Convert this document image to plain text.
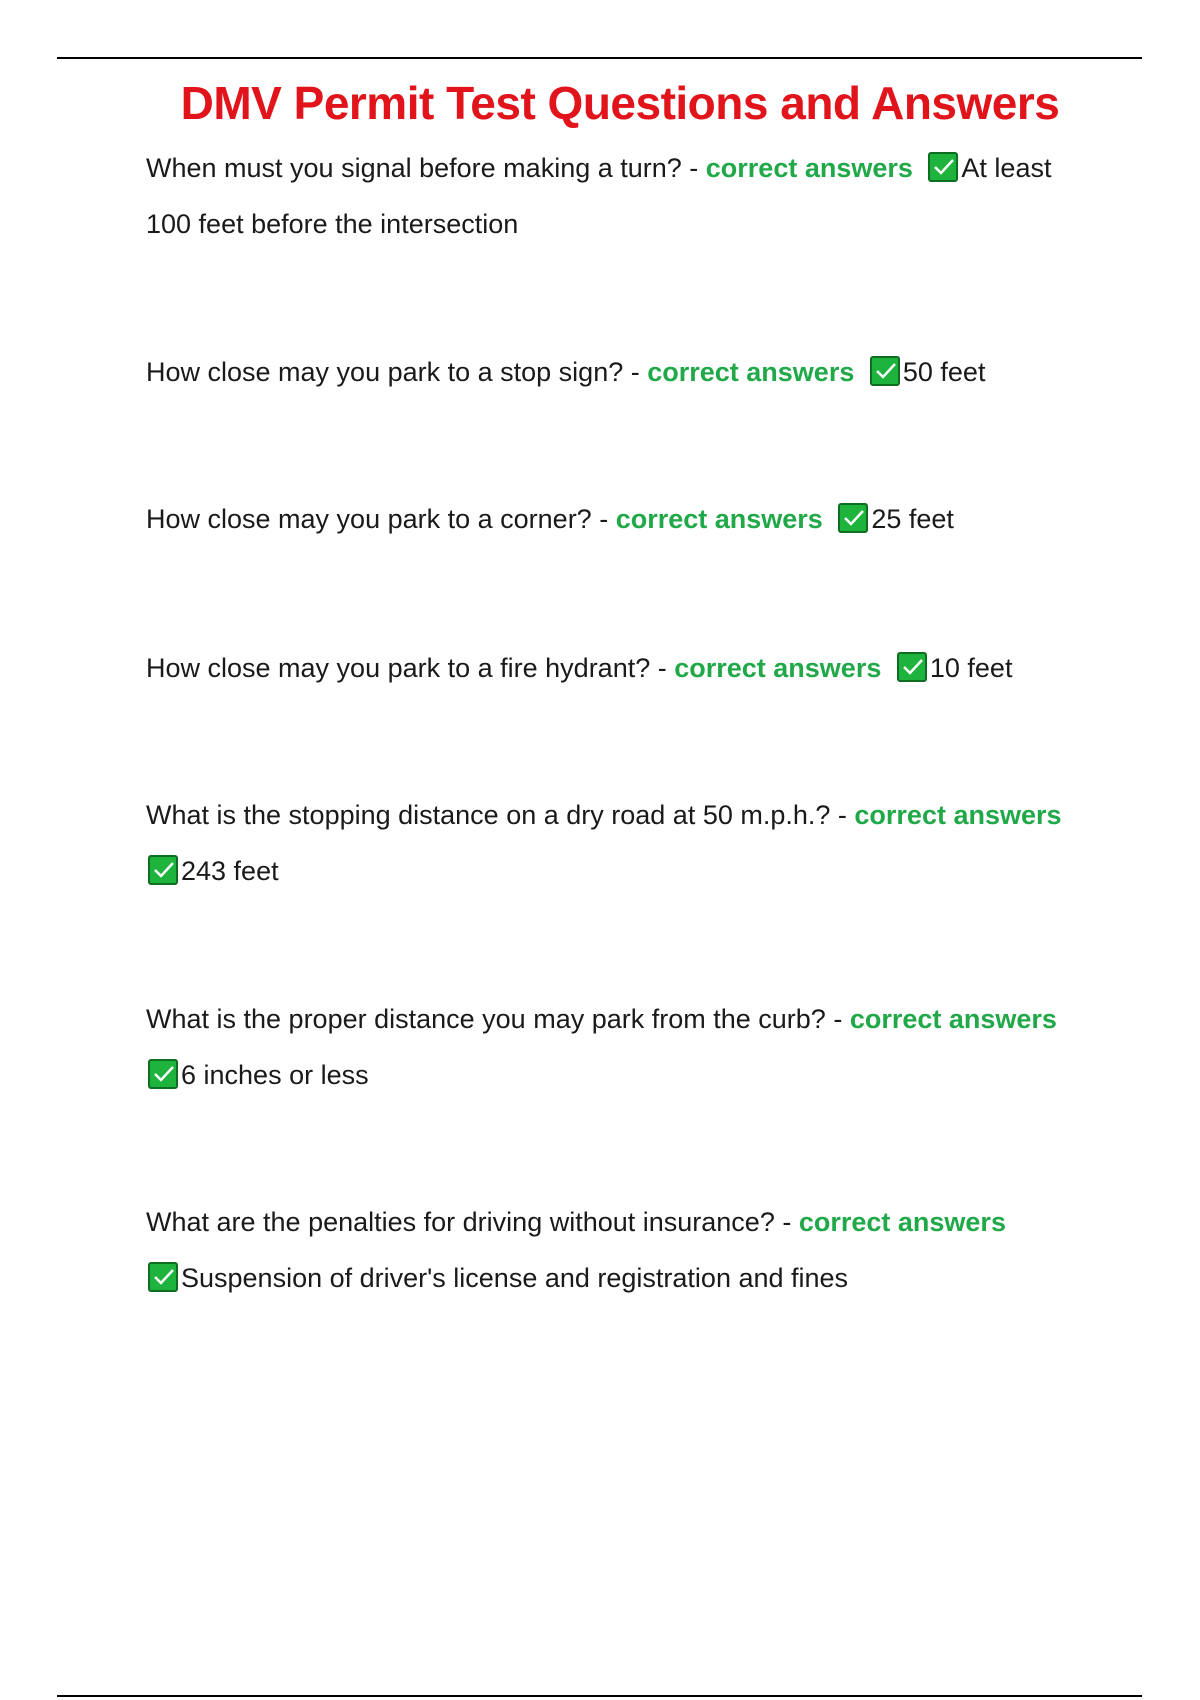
DMV Permit Test Questions and Answers
When must you signal before making a turn? - correct answers At least 100 feet before the intersection
How close may you park to a stop sign? - correct answers 50 feet
How close may you park to a corner? - correct answers 25 feet
How close may you park to a fire hydrant? - correct answers 10 feet
What is the stopping distance on a dry road at 50 m.p.h.? - correct answers

243 feet
What is the proper distance you may park from the curb? - correct answers

6 inches or less
What are the penalties for driving without insurance? - correct answers

Suspension of driver's license and registration and fines
